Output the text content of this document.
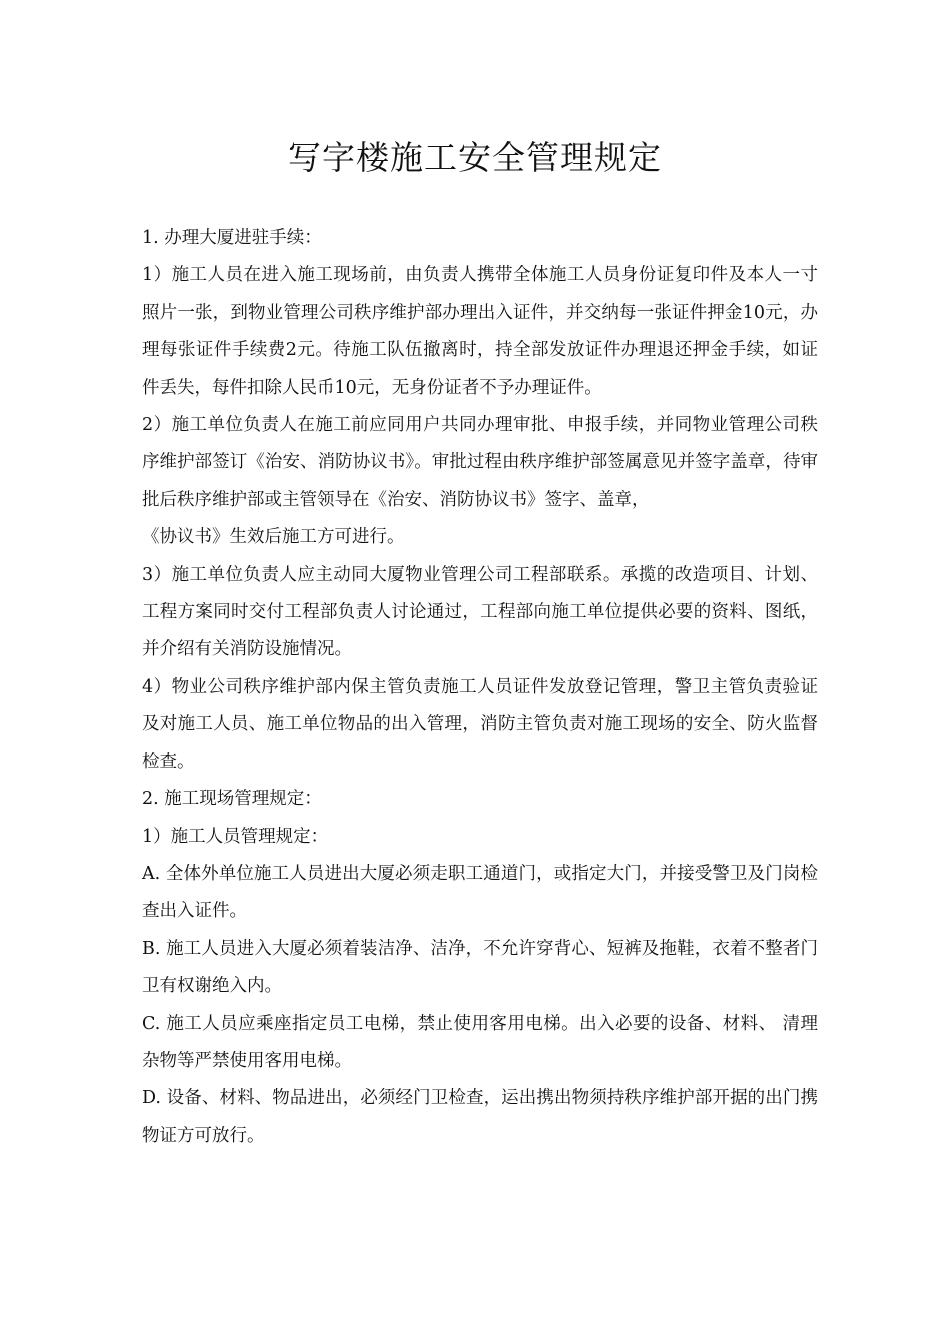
写字楼施工安全管理规定

1. 办理大厦进驻手续：

1）施工人员在进入施工现场前，由负责人携带全体施工人员身份证复印件及本人一寸照片一张，到物业管理公司秩序维护部办理出入证件，并交纳每一张证件押金10元，办理每张证件手续费2元。待施工队伍撤离时，持全部发放证件办理退还押金手续，如证件丢失，每件扣除人民币10元，无身份证者不予办理证件。

2）施工单位负责人在施工前应同用户共同办理审批、申报手续，并同物业管理公司秩序维护部签订《治安、消防协议书》。审批过程由秩序维护部签属意见并签字盖章，待审批后秩序维护部或主管领导在《治安、消防协议书》签字、盖章，

《协议书》生效后施工方可进行。

3）施工单位负责人应主动同大厦物业管理公司工程部联系。承揽的改造项目、计划、工程方案同时交付工程部负责人讨论通过，工程部向施工单位提供必要的资料、图纸，并介绍有关消防设施情况。

4）物业公司秩序维护部内保主管负责施工人员证件发放登记管理，警卫主管负责验证及对施工人员、施工单位物品的出入管理，消防主管负责对施工现场的安全、防火监督检查。

2. 施工现场管理规定：

1）施工人员管理规定：

A. 全体外单位施工人员进出大厦必须走职工通道门，或指定大门，并接受警卫及门岗检查出入证件。

B. 施工人员进入大厦必须着装洁净、洁净，不允许穿背心、短裤及拖鞋，衣着不整者门卫有权谢绝入内。

C. 施工人员应乘座指定员工电梯，禁止使用客用电梯。出入必要的设备、材料、 清理杂物等严禁使用客用电梯。

D. 设备、材料、物品进出，必须经门卫检查，运出携出物须持秩序维护部开据的出门携物证方可放行。
